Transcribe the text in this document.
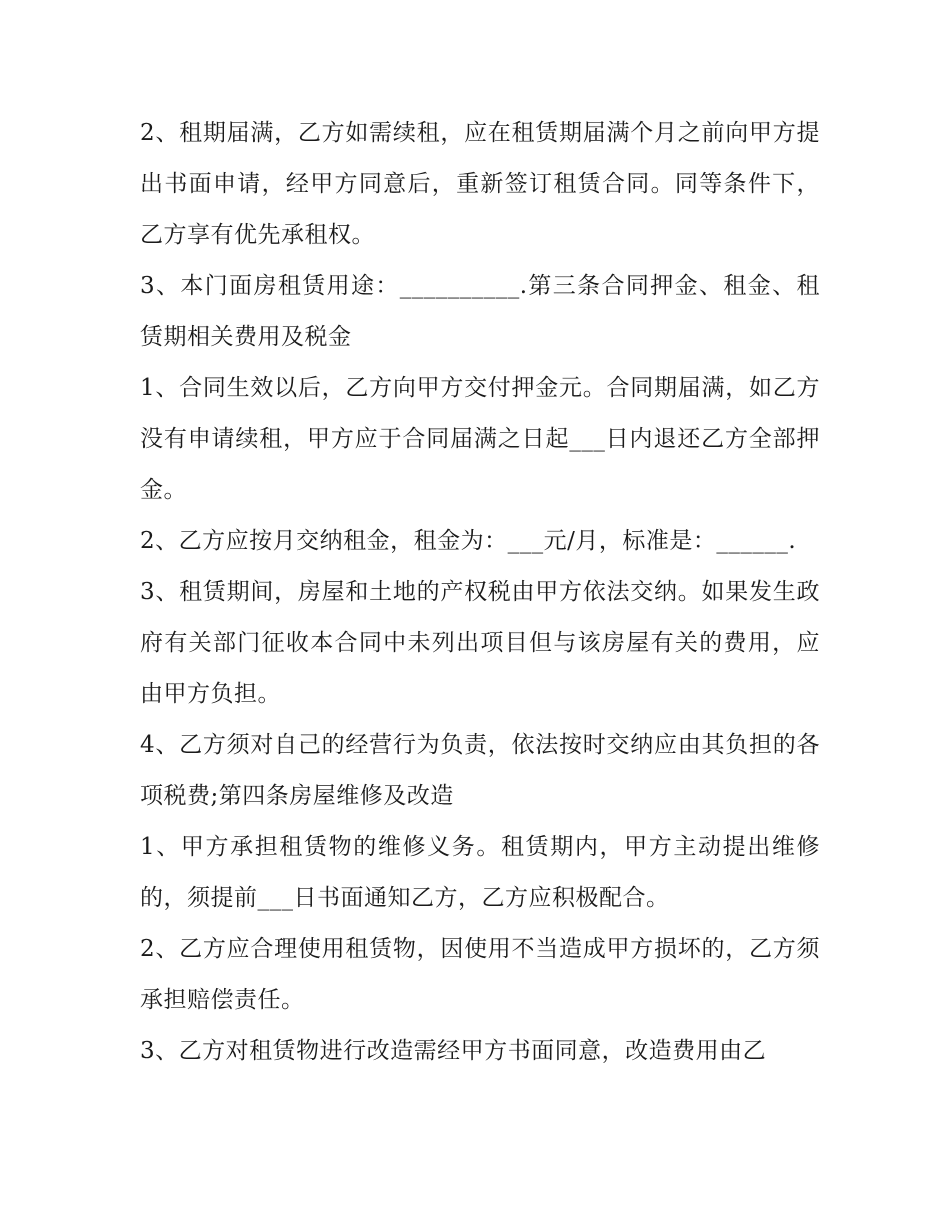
2、租期届满，乙方如需续租，应在租赁期届满个月之前向甲方提出书面申请，经甲方同意后，重新签订租赁合同。同等条件下，乙方享有优先承租权。

3、本门面房租赁用途：__________.第三条合同押金、租金、租赁期相关费用及税金

1、合同生效以后，乙方向甲方交付押金元。合同期届满，如乙方没有申请续租，甲方应于合同届满之日起___日内退还乙方全部押金。

2、乙方应按月交纳租金，租金为：___元/月，标准是：______.

3、租赁期间，房屋和土地的产权税由甲方依法交纳。如果发生政府有关部门征收本合同中未列出项目但与该房屋有关的费用，应由甲方负担。

4、乙方须对自己的经营行为负责，依法按时交纳应由其负担的各项税费;第四条房屋维修及改造

1、甲方承担租赁物的维修义务。租赁期内，甲方主动提出维修的，须提前___日书面通知乙方，乙方应积极配合。

2、乙方应合理使用租赁物，因使用不当造成甲方损坏的，乙方须承担赔偿责任。

3、乙方对租赁物进行改造需经甲方书面同意，改造费用由乙
